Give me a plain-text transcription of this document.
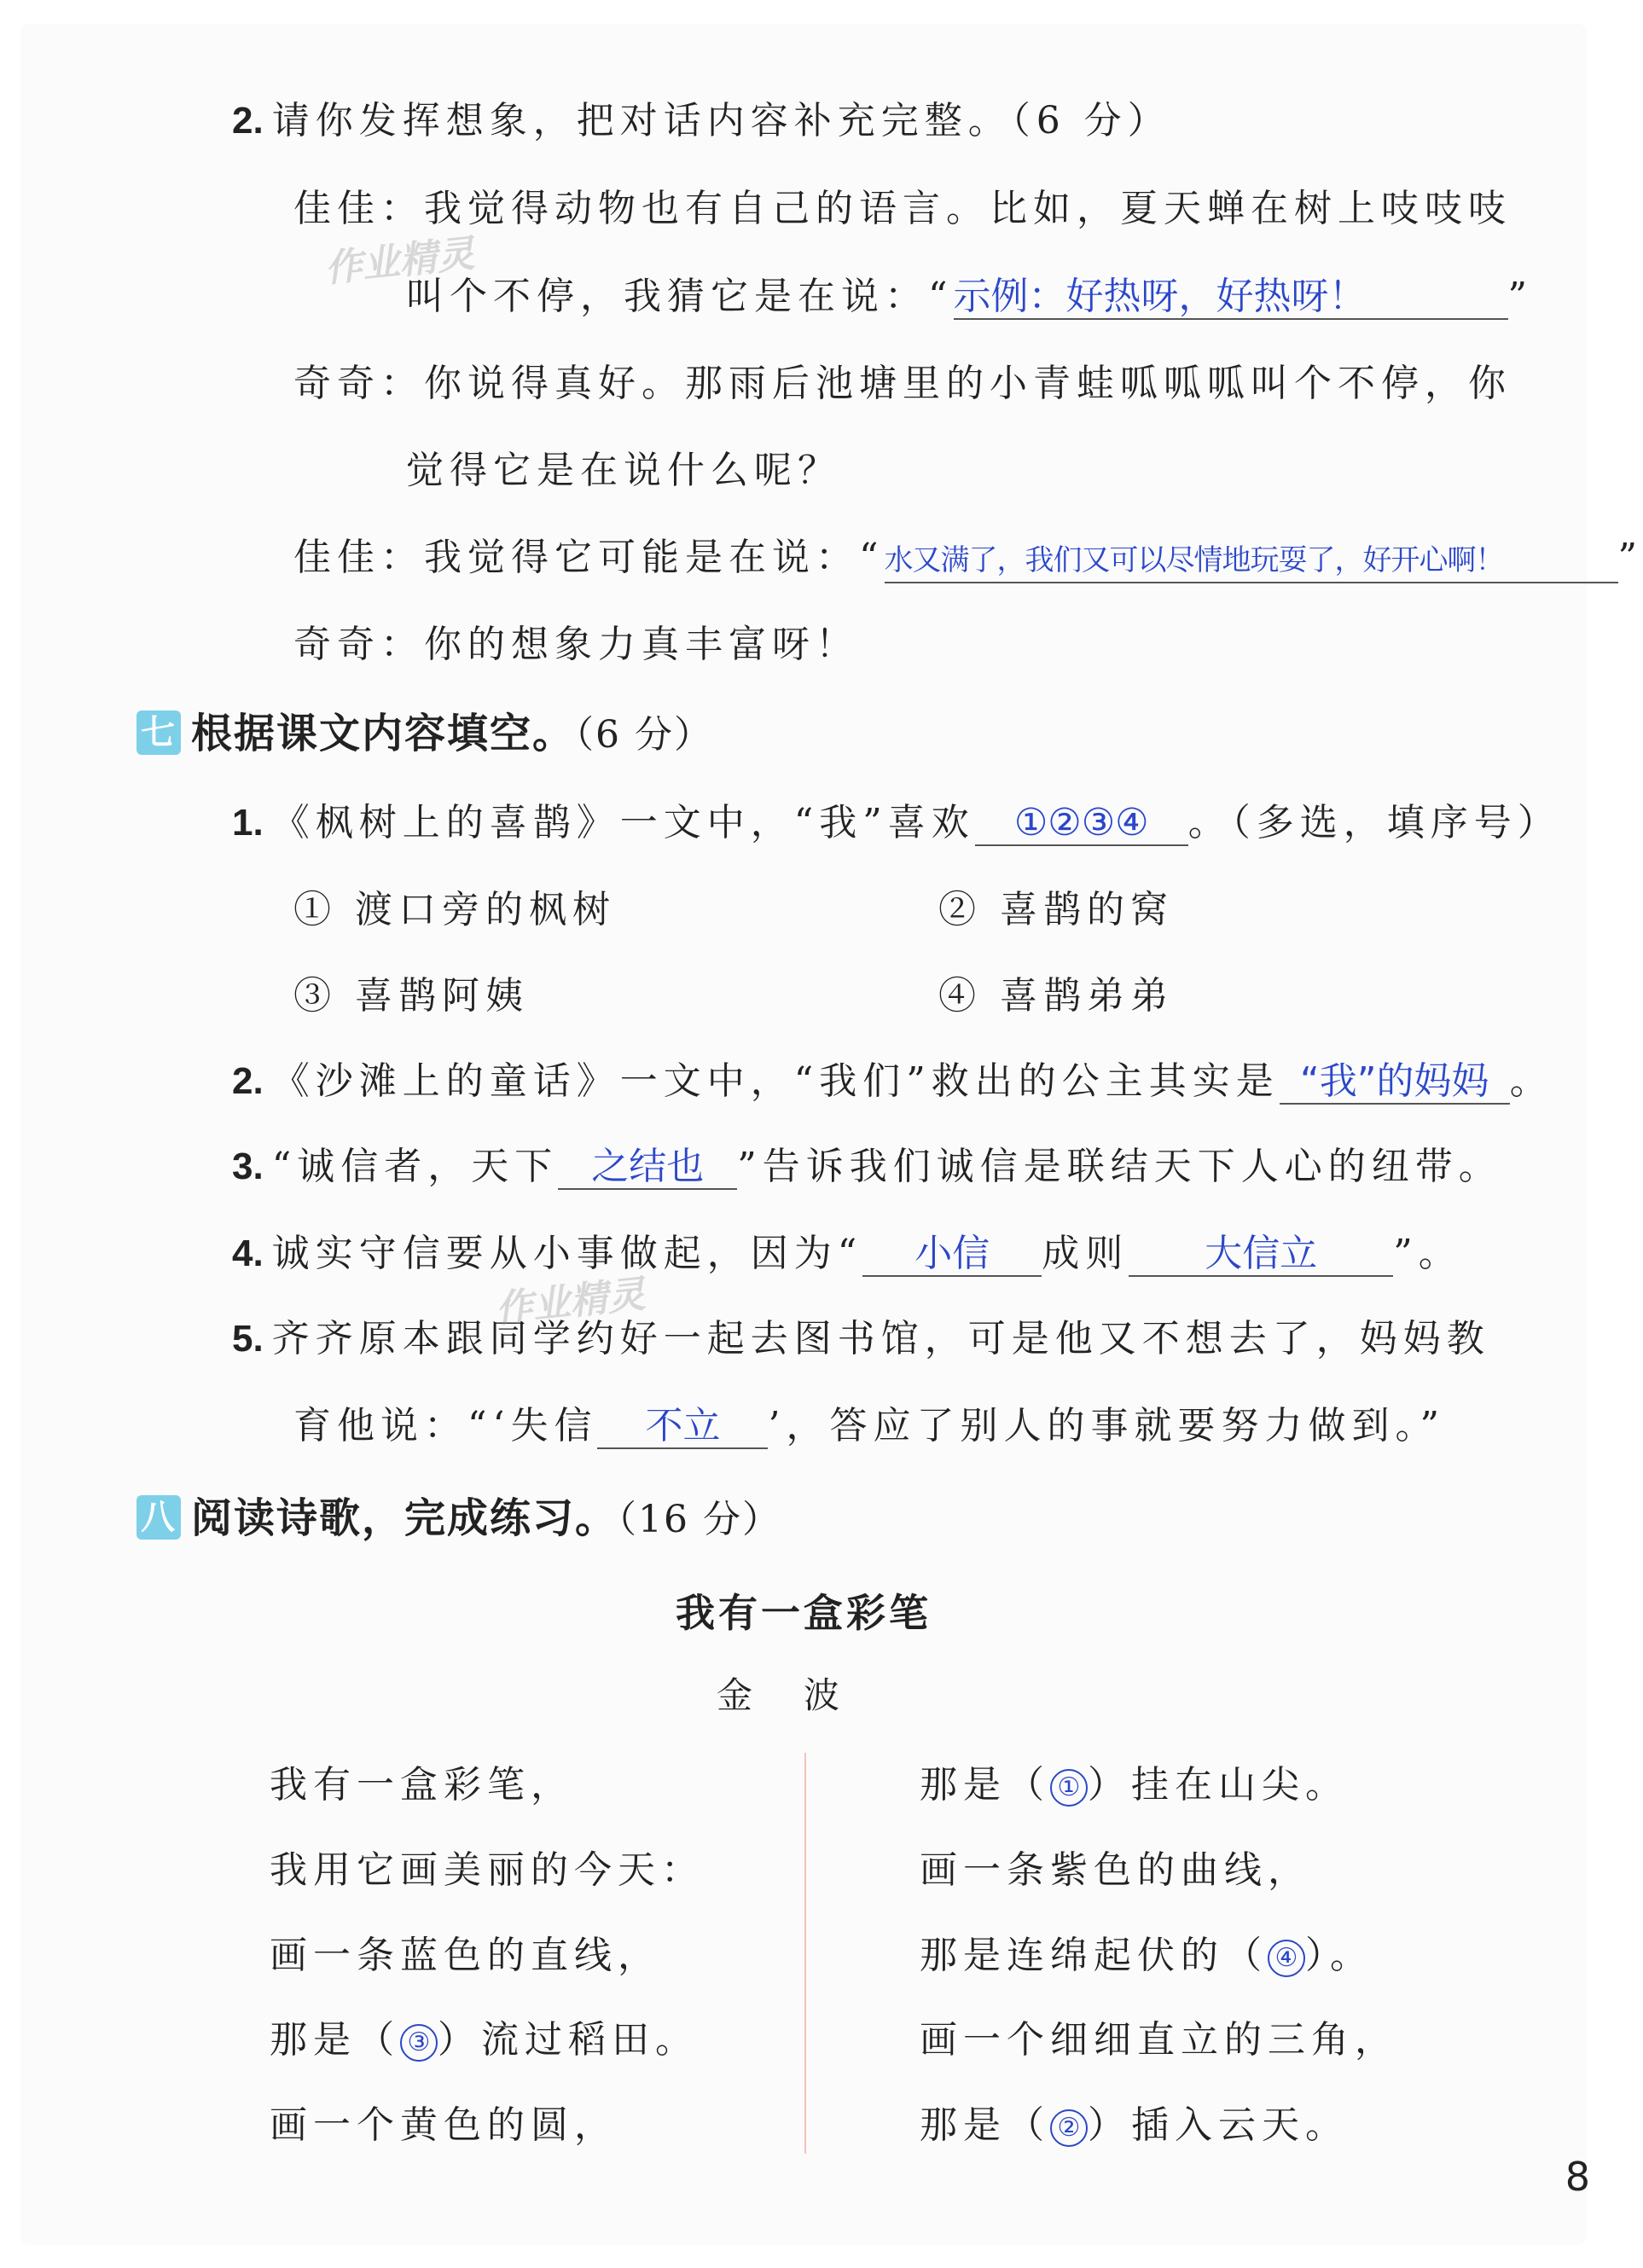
2. 请你发挥想象，把对话内容补充完整。（6 分）
佳佳：我觉得动物也有自己的语言。比如，夏天蝉在树上吱吱吱
叫个不停，我猜它是在说：“示例：好热呀，好热呀！	”
奇奇：你说得真好。那雨后池塘里的小青蛙呱呱呱叫个不停，你
觉得它是在说什么呢？
佳佳：我觉得它可能是在说：“水又满了，我们又可以尽情地玩耍了，好开心啊！	”
奇奇：你的想象力真丰富呀！
作业精灵
七 根据课文内容填空。（6 分）
1. 《枫树上的喜鹊》一文中，“我”喜欢 ①②③④ 。（多选，填序号）
① 渡口旁的枫树	② 喜鹊的窝
③ 喜鹊阿姨	④ 喜鹊弟弟
2. 《沙滩上的童话》一文中，“我们”救出的公主其实是 “我”的妈妈 。
3. “诚信者，天下 之结也 ”告诉我们诚信是联结天下人心的纽带。
4. 诚实守信要从小事做起，因为“ 小信 成则 大信立 ”。
5. 齐齐原本跟同学约好一起去图书馆，可是他又不想去了，妈妈教
育他说：“‘失信 不立 ’，答应了别人的事就要努力做到。”
作业精灵
八 阅读诗歌，完成练习。（16 分）
我有一盒彩笔
金波
我有一盒彩笔，
我用它画美丽的今天：
画一条蓝色的直线，
那是（ ③ ）流过稻田。
画一个黄色的圆，
那是（ ① ）挂在山尖。
画一条紫色的曲线，
那是连绵起伏的（ ④ ）。
画一个细细直立的三角，
那是（ ② ）插入云天。
8
